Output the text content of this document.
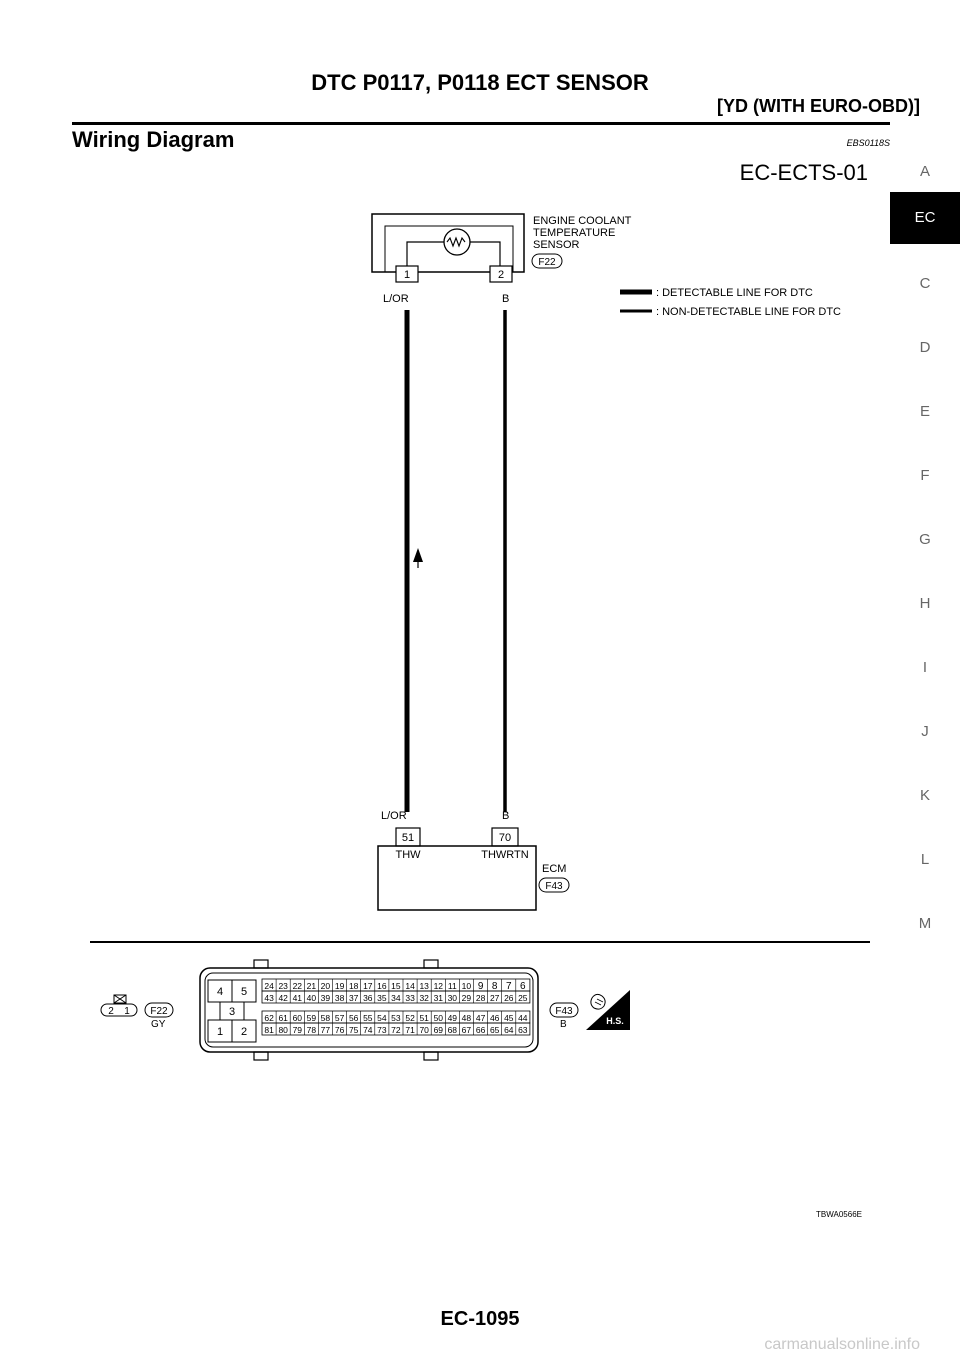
DTC P0117, P0118 ECT SENSOR
[YD (WITH EURO-OBD)]
Wiring Diagram	EBS0118S
EC-ECTS-01	A
EC
C
D
E
F
G
H
I
J
K
L
M
ENGINE COOLANT
TEMPERATURE
SENSOR
F22
1	2
L/OR	B	: DETECTABLE LINE FOR DTC
: NON-DETECTABLE LINE FOR DTC
L/OR	B
51	70
THW	THWRTN
ECM
F43
2 1 F22
GY
4 5
3
1 2
24 23 22 21 20 19 18 17 16 15 14 13 12 11 10 9 8 7 6
43 42 41 40 39 38 37 36 35 34 33 32 31 30 29 28 27 26 25
62 61 60 59 58 57 56 55 54 53 52 51 50 49 48 47 46 45 44
81 80 79 78 77 76 75 74 73 72 71 70 69 68 67 66 65 64 63
F43
B	H.S.
TBWA0566E
EC-1095
carmanualsonline.info
